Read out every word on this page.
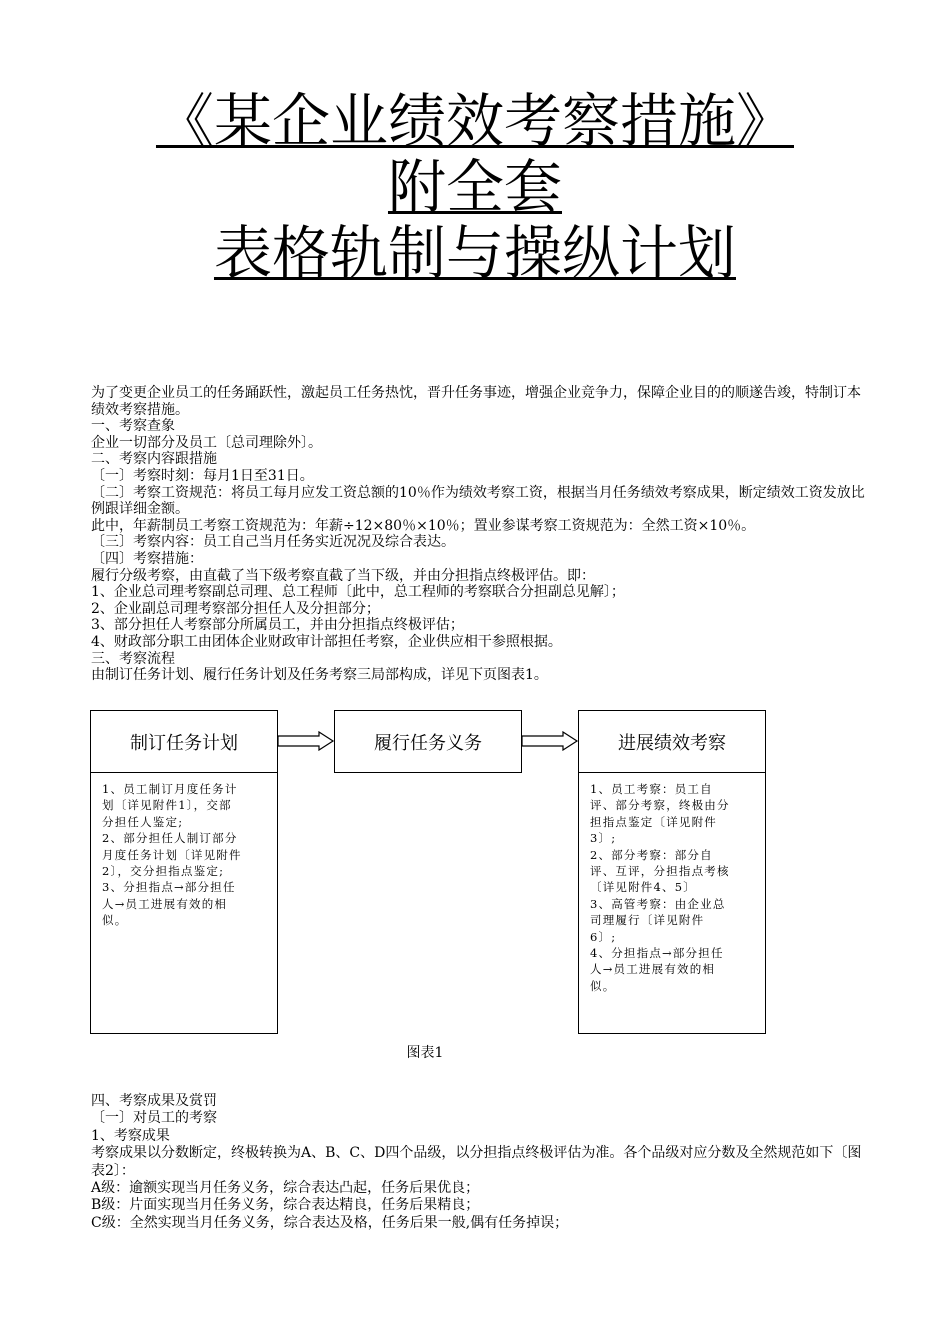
《某企业绩效考察措施》

附全套

表格轨制与操纵计划

为了变更企业员工的任务踊跃性，激起员工任务热忱，晋升任务事迹，增强企业竞争力，保障企业目的的顺遂告竣，特制订本绩效考察措施。

一、考察查象

企业一切部分及员工〔总司理除外〕。

二、考察内容跟措施

〔一〕考察时刻：每月1日至31日。

〔二〕考察工资规范：将员工每月应发工资总额的10％作为绩效考察工资，根据当月任务绩效考察成果，断定绩效工资发放比例跟详细金额。

此中，年薪制员工考察工资规范为：年薪÷12×80％×10％；置业参谋考察工资规范为：全然工资×10％。

〔三〕考察内容：员工自己当月任务实近况况及综合表达。

〔四〕考察措施：

履行分级考察，由直截了当下级考察直截了当下级，并由分担指点终极评估。即：

1、企业总司理考察副总司理、总工程师〔此中，总工程师的考察联合分担副总见解〕；

2、企业副总司理考察部分担任人及分担部分；

3、部分担任人考察部分所属员工，并由分担指点终极评估；

4、财政部分职工由团体企业财政审计部担任考察，企业供应相干参照根据。

三、考察流程

由制订任务计划、履行任务计划及任务考察三局部构成，详见下页图表1。

制订任务计划	履行任务义务	进展绩效考察

1、员工制订月度任务计

划〔详见附件1〕，交部

分担任人鉴定;

2、部分担任人制订部分

月度任务计划〔详见附件

2〕，交分担指点鉴定;

3、分担指点→部分担任

人→员工进展有效的相

似。

1、员工考察：员工自

评、部分考察，终极由分

担指点鉴定〔详见附件

3〕;

2、部分考察：部分自

评、互评，分担指点考核

〔详见附件4、5〕

3、高管考察：由企业总

司理履行〔详见附件

6〕;

4、分担指点→部分担任

人→员工进展有效的相

似。

图表1

四、考察成果及赏罚

〔一〕对员工的考察

1、考察成果

考察成果以分数断定，终极转换为A、B、C、D四个品级，以分担指点终极评估为准。各个品级对应分数及全然规范如下〔图表2〕：

A级：逾额实现当月任务义务，综合表达凸起，任务后果优良；

B级：片面实现当月任务义务，综合表达精良，任务后果精良；

C级：全然实现当月任务义务，综合表达及格，任务后果一般,偶有任务掉误；
